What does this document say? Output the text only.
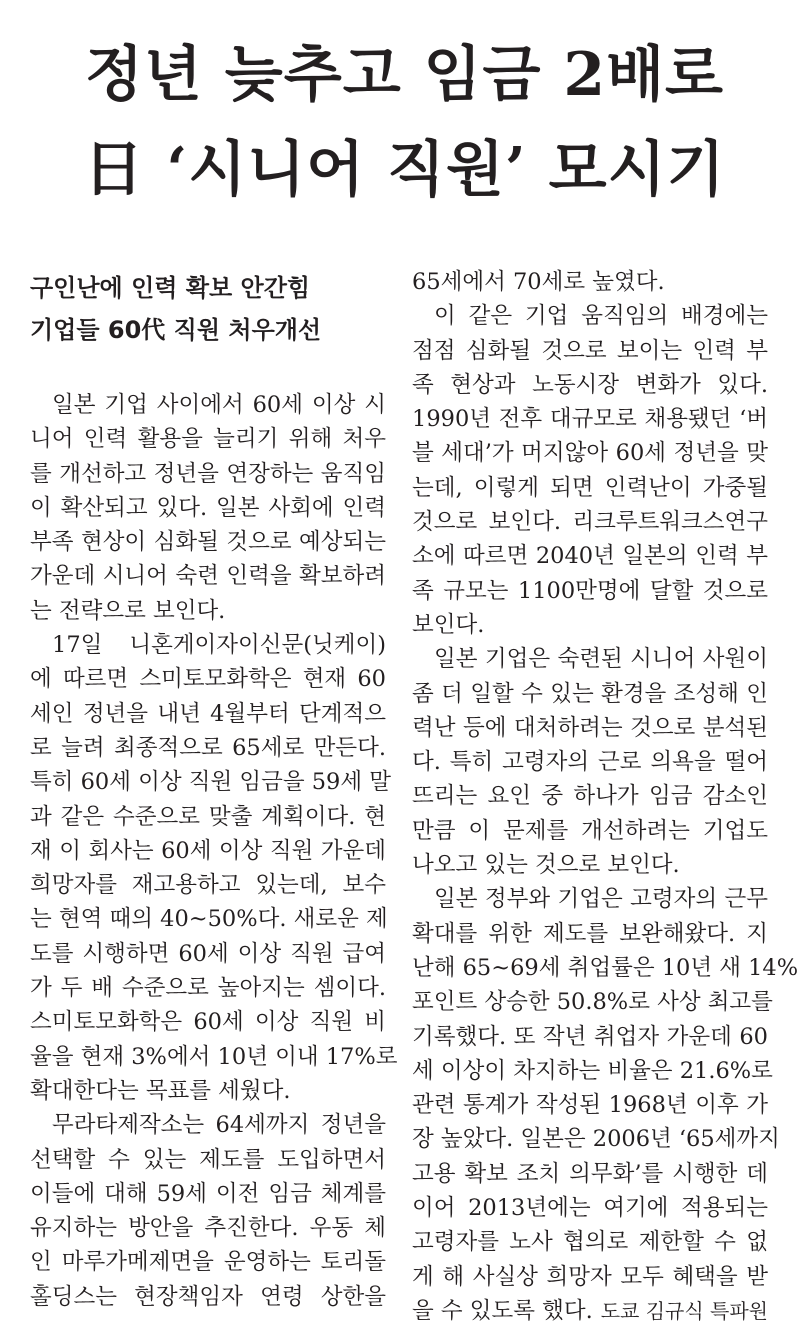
정년 늦추고 임금 2배로
日 ‘시니어 직원’ 모시기
구인난에 인력 확보 안간힘
기업들 60代 직원 처우개선
일본 기업 사이에서 60세 이상 시
니어 인력 활용을 늘리기 위해 처우
를 개선하고 정년을 연장하는 움직임
이 확산되고 있다. 일본 사회에 인력
부족 현상이 심화될 것으로 예상되는
가운데 시니어 숙련 인력을 확보하려
는 전략으로 보인다.
17일 니혼게이자이신문(닛케이)
에 따르면 스미토모화학은 현재 60
세인 정년을 내년 4월부터 단계적으
로 늘려 최종적으로 65세로 만든다.
특히 60세 이상 직원 임금을 59세 말
과 같은 수준으로 맞출 계획이다. 현
재 이 회사는 60세 이상 직원 가운데
희망자를 재고용하고 있는데, 보수
는 현역 때의 40~50%다. 새로운 제
도를 시행하면 60세 이상 직원 급여
가 두 배 수준으로 높아지는 셈이다.
스미토모화학은 60세 이상 직원 비
율을 현재 3%에서 10년 이내 17%로
확대한다는 목표를 세웠다.
무라타제작소는 64세까지 정년을
선택할 수 있는 제도를 도입하면서
이들에 대해 59세 이전 임금 체계를
유지하는 방안을 추진한다. 우동 체
인 마루가메제면을 운영하는 토리돌
홀딩스는 현장책임자 연령 상한을
65세에서 70세로 높였다.
이 같은 기업 움직임의 배경에는
점점 심화될 것으로 보이는 인력 부
족 현상과 노동시장 변화가 있다.
1990년 전후 대규모로 채용됐던 ‘버
블 세대’가 머지않아 60세 정년을 맞
는데, 이렇게 되면 인력난이 가중될
것으로 보인다. 리크루트워크스연구
소에 따르면 2040년 일본의 인력 부
족 규모는 1100만명에 달할 것으로
보인다.
일본 기업은 숙련된 시니어 사원이
좀 더 일할 수 있는 환경을 조성해 인
력난 등에 대처하려는 것으로 분석된
다. 특히 고령자의 근로 의욕을 떨어
뜨리는 요인 중 하나가 임금 감소인
만큼 이 문제를 개선하려는 기업도
나오고 있는 것으로 보인다.
일본 정부와 기업은 고령자의 근무
확대를 위한 제도를 보완해왔다. 지
난해 65~69세 취업률은 10년 새 14%
포인트 상승한 50.8%로 사상 최고를
기록했다. 또 작년 취업자 가운데 60
세 이상이 차지하는 비율은 21.6%로
관련 통계가 작성된 1968년 이후 가
장 높았다. 일본은 2006년 ‘65세까지
고용 확보 조치 의무화’를 시행한 데
이어 2013년에는 여기에 적용되는
고령자를 노사 협의로 제한할 수 없
게 해 사실상 희망자 모두 혜택을 받
도쿄 김규식 특파원
을 수 있도록 했다.
